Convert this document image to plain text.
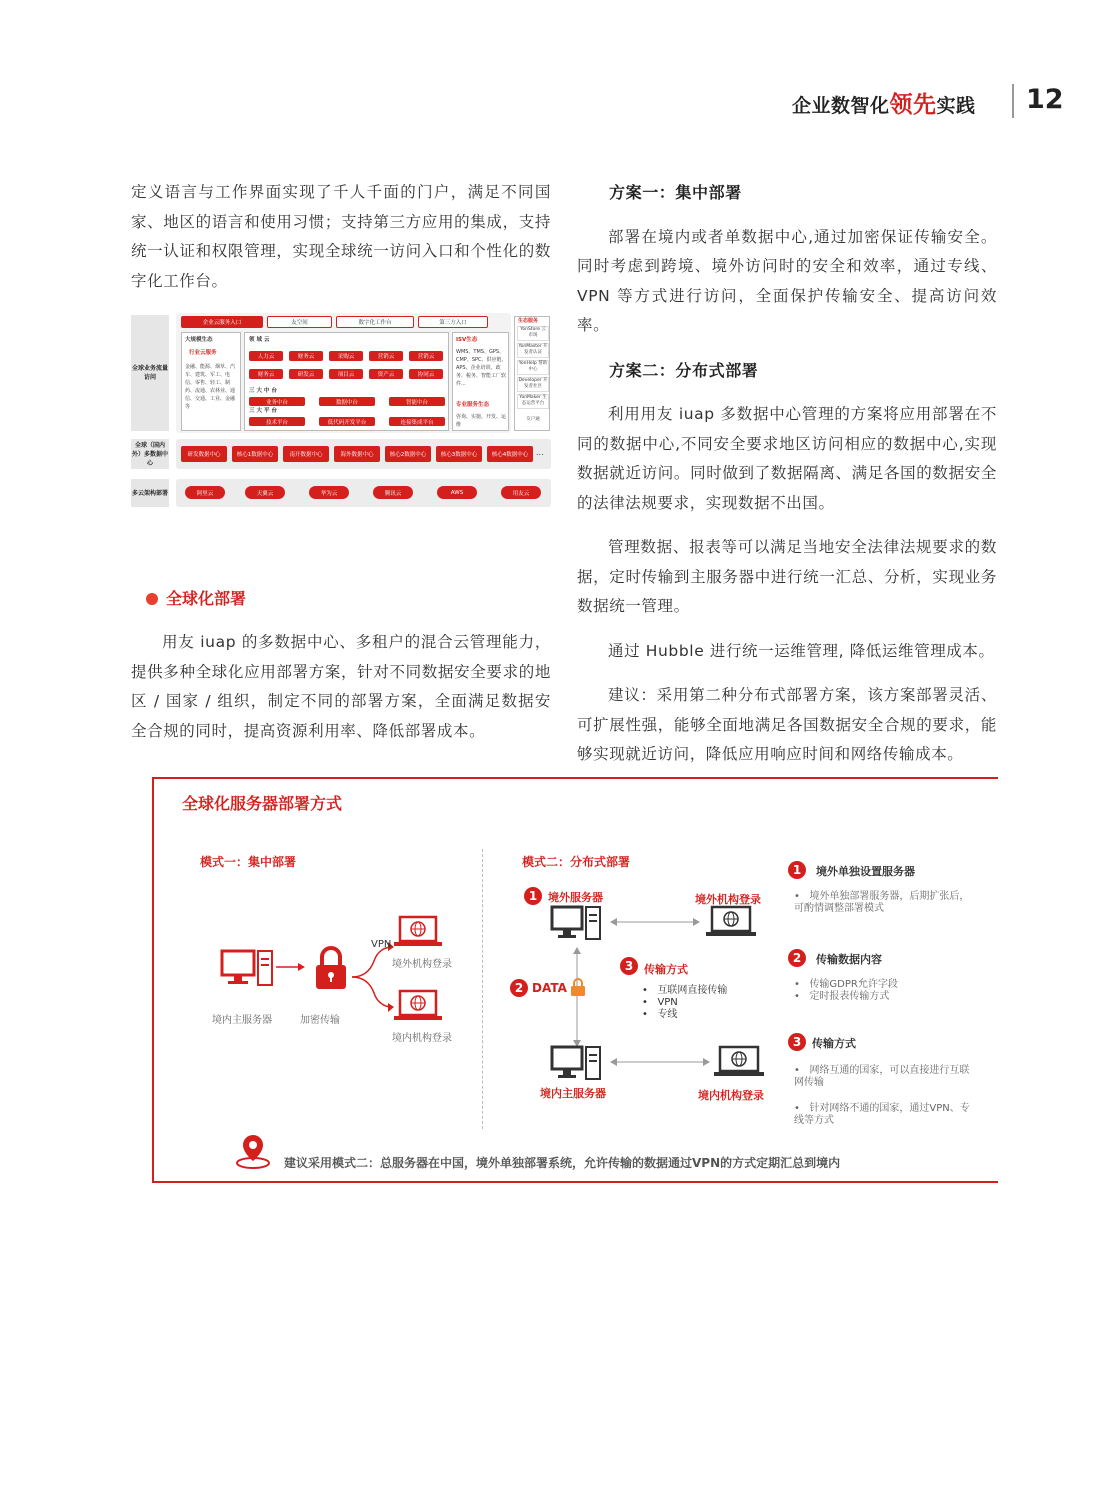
企业数智化领先实践 12

定义语言与工作界面实现了千人千面的门户，满足不同国家、地区的语言和使用习惯；支持第三方应用的集成，支持统一认证和权限管理，实现全球统一访问入口和个性化的数字化工作台。

全球业务流量访问
全球（国内外）多数据中心
多云架构部署
企业云服务入口	友空间	数字化工作台	第三方入口
大规模生态
行业云服务
金融、能源、烟草、汽车、建筑、军工、电信、零售、轻工、制药、流通、农林业、通信、交通、工业、金融等
领域云
人力云	财务云	采购云	营销云	营销云
财务云	研发云	项目云	资产云	协同云
三大中台
业务中台	数据中台	智能中台
三大平台
技术平台	低代码开发平台	连接集成平台
ISV生态
WMS、TMS、GPS、CMP、SPC、供应链、APS、企业培训、政务、税务、智能工厂软件...
专业服务生态
咨询、实施、开发、运维
生态服务
YonStore 云市场
YonMaster 开发者认证
YonHelp 帮助中心
Developer 开发者社区
YonMaker 生态运营平台
友户通
研发数据中心	核心1数据中心	南开数据中心	海外数据中心	核心2数据中心	核心3数据中心	核心4数据中心 ...
阿里云	天翼云	华为云	腾讯云	AWS	用友云
全球化部署

用友 iuap 的多数据中心、多租户的混合云管理能力，提供多种全球化应用部署方案，针对不同数据安全要求的地区 / 国家 / 组织，制定不同的部署方案，全面满足数据安全合规的同时，提高资源利用率、降低部署成本。

方案一：集中部署

部署在境内或者单数据中心,通过加密保证传输安全。同时考虑到跨境、境外访问时的安全和效率，通过专线、VPN 等方式进行访问，全面保护传输安全、提高访问效率。

方案二：分布式部署

利用用友 iuap 多数据中心管理的方案将应用部署在不同的数据中心,不同安全要求地区访问相应的数据中心,实现数据就近访问。同时做到了数据隔离、满足各国的数据安全的法律法规要求，实现数据不出国。

管理数据、报表等可以满足当地安全法律法规要求的数据，定时传输到主服务器中进行统一汇总、分析，实现业务数据统一管理。

通过 Hubble 进行统一运维管理, 降低运维管理成本。

建议：采用第二种分布式部署方案，该方案部署灵活、可扩展性强，能够全面地满足各国数据安全合规的要求，能够实现就近访问，降低应用响应时间和网络传输成本。

全球化服务器部署方式
模式一：集中部署
境内主服务器	加密传输
VPN
境外机构登录
境内机构登录
模式二：分布式部署
1 境外服务器	境外机构登录
2 DATA
3 传输方式
•   互联网直接传输
•   VPN
•   专线
境内主服务器	境内机构登录
1	境外单独设置服务器
•   境外单独部署服务器，后期扩张后，可酌情调整部署模式
2	传输数据内容
•   传输GDPR允许字段
•   定时报表传输方式
3 传输方式
•   网络互通的国家，可以直接进行互联网传输
•   针对网络不通的国家，通过VPN、专线等方式
建议采用模式二：总服务器在中国，境外单独部署系统，允许传输的数据通过VPN的方式定期汇总到境内
